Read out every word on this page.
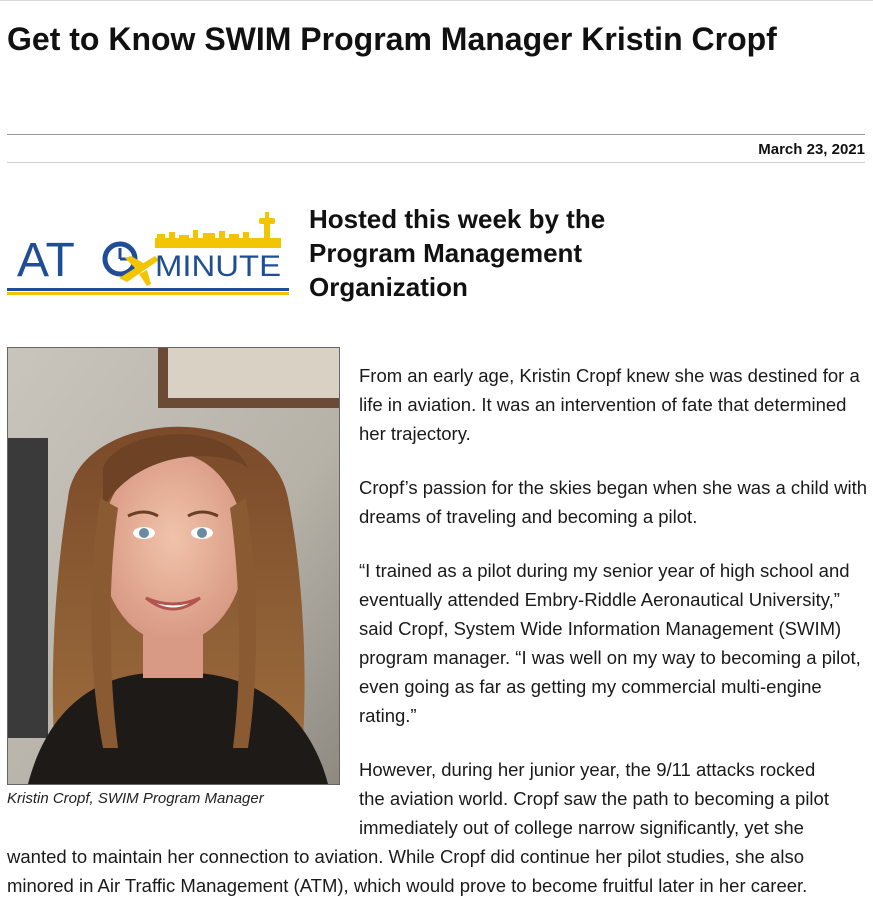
Get to Know SWIM Program Manager Kristin Cropf
March 23, 2021
AT	MINUTE
Hosted this week by the Program Management Organization
Kristin Cropf, SWIM Program Manager

From an early age, Kristin Cropf knew she was destined for a life in aviation. It was an intervention of fate that determined her trajectory.

Cropf’s passion for the skies began when she was a child with dreams of traveling and becoming a pilot.

“I trained as a pilot during my senior year of high school and eventually attended Embry-Riddle Aeronautical University,” said Cropf, System Wide Information Management (SWIM) program manager. “I was well on my way to becoming a pilot, even going as far as getting my commercial multi-engine rating.”

However, during her junior year, the 9/11 attacks rocked
the aviation world. Cropf saw the path to becoming a pilot
immediately out of college narrow significantly, yet she
wanted to maintain her connection to aviation. While Cropf did continue her pilot studies, she also
minored in Air Traffic Management (ATM), which would prove to become fruitful later in her career.
